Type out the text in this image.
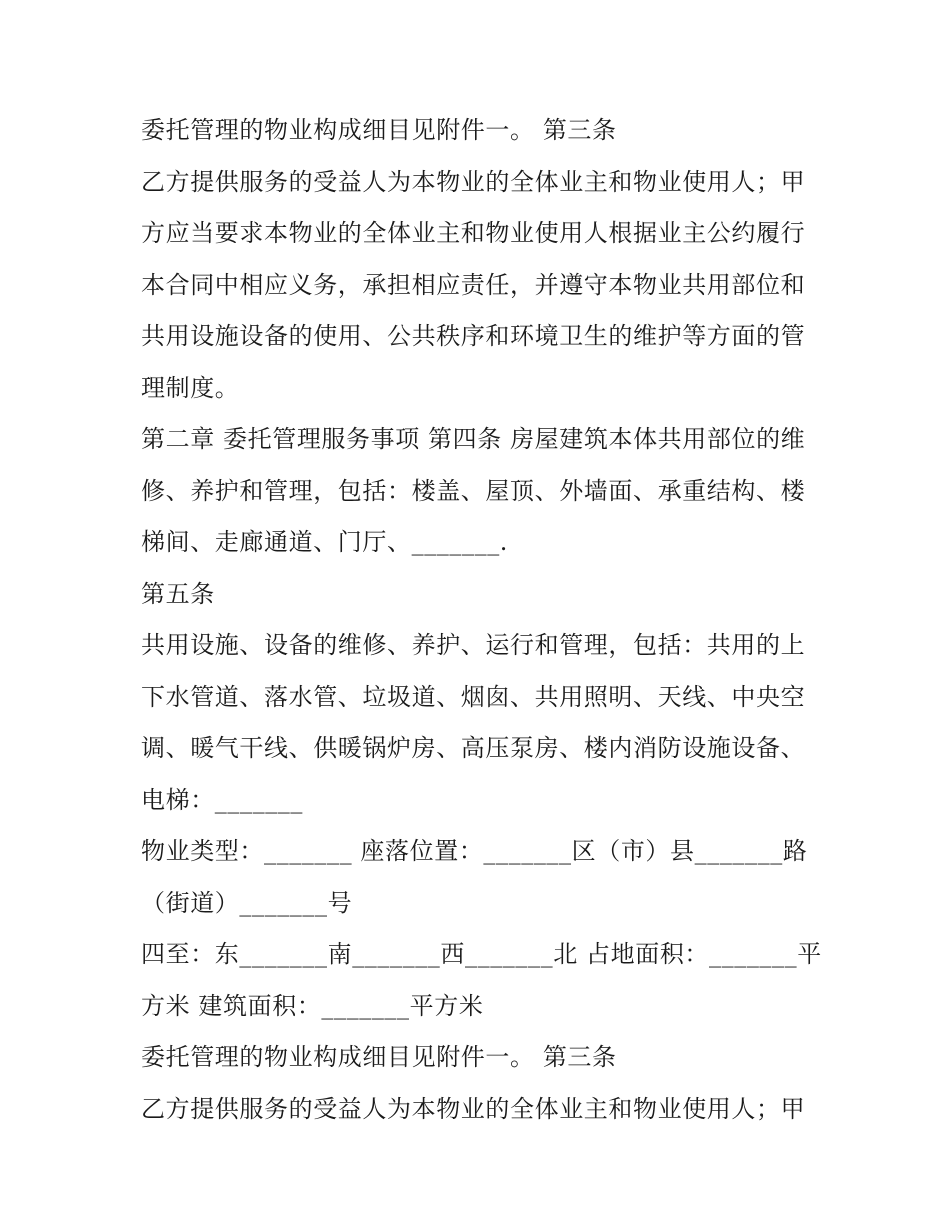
委托管理的物业构成细目见附件一。 第三条
乙方提供服务的受益人为本物业的全体业主和物业使用人；甲
方应当要求本物业的全体业主和物业使用人根据业主公约履行
本合同中相应义务，承担相应责任，并遵守本物业共用部位和
共用设施设备的使用、公共秩序和环境卫生的维护等方面的管
理制度。
第二章 委托管理服务事项 第四条 房屋建筑本体共用部位的维
修、养护和管理，包括：楼盖、屋顶、外墙面、承重结构、楼
梯间、走廊通道、门厅、_______.
第五条
共用设施、设备的维修、养护、运行和管理，包括：共用的上
下水管道、落水管、垃圾道、烟囱、共用照明、天线、中央空
调、暖气干线、供暖锅炉房、高压泵房、楼内消防设施设备、
电梯：_______
物业类型：_______ 座落位置：_______区（市）县_______路
（街道）_______号
四至：东_______南_______西_______北 占地面积：_______平
方米 建筑面积：_______平方米
委托管理的物业构成细目见附件一。 第三条
乙方提供服务的受益人为本物业的全体业主和物业使用人；甲
